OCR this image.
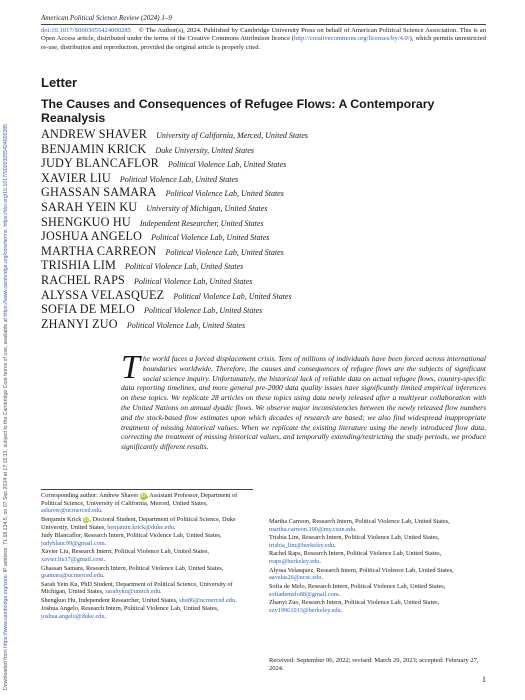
Downloaded from https://www.cambridge.org/core. IP address: 71.68.134.5, on 07 Sep 2024 at 17:15:13, subject to the Cambridge Core terms of use, available at https://www.cambridge.org/core/terms. https://doi.org/10.1017/S0003055424000285
American Political Science Review (2024) 1–9
doi:10.1017/S0003055424000285 © The Author(s), 2024. Published by Cambridge University Press on behalf of American Political Science Association. This is an Open Access article, distributed under the terms of the Creative Commons Attribution licence (http://creativecommons.org/licenses/by/4.0/), which permits unrestricted re-use, distribution and reproduction, provided the original article is properly cited.
Letter
The Causes and Consequences of Refugee Flows: A Contemporary Reanalysis
ANDREW SHAVER University of California, Merced, United States
BENJAMIN KRICK Duke University, United States
JUDY BLANCAFLOR Political Violence Lab, United States
XAVIER LIU Political Violence Lab, United States
GHASSAN SAMARA Political Violence Lab, United States
SARAH YEIN KU University of Michigan, United States
SHENGKUO HU Independent Researcher, United States
JOSHUA ANGELO Political Violence Lab, United States
MARTHA CARREON Political Violence Lab, United States
TRISHIA LIM Political Violence Lab, United States
RACHEL RAPS Political Violence Lab, United States
ALYSSA VELASQUEZ Political Violence Lab, United States
SOFIA DE MELO Political Violence Lab, United States
ZHANYI ZUO Political Violence Lab, United States
The world faces a forced displacement crisis. Tens of millions of individuals have been forced across international boundaries worldwide. Therefore, the causes and consequences of refugee flows are the subjects of significant social science inquiry. Unfortunately, the historical lack of reliable data on actual refugee flows, country-specific data reporting timelines, and more general pre-2000 data quality issues have significantly limited empirical inferences on these topics. We replicate 28 articles on these topics using data newly released after a multiyear collaboration with the United Nations on annual dyadic flows. We observe major inconsistencies between the newly released flow numbers and the stock-based flow estimates upon which decades of research are based; we also find widespread inappropriate treatment of missing historical values. When we replicate the existing literature using the newly introduced flow data, correcting the treatment of missing historical values, and temporally extending/restricting the study periods, we produce significantly different results.
Corresponding author: Andrew Shaver iD, Assistant Professor, Department of Political Science, University of California, Merced, United States, ashaver@ucmerced.edu.
Benjamin Krick iD, Doctoral Student, Department of Political Science, Duke University, United States, benjamin.krick@duke.edu.
Judy Blancaflor, Research Intern, Political Violence Lab, United States, judyblanc99@gmail.com.
Xavier Liu, Research Intern, Political Violence Lab, United States, xavier.liu17@gmail.com.
Ghassan Samara, Research Intern, Political Violence Lab, United States, gsamara@ucmerced.edu.
Sarah Yein Ku, PhD Student, Department of Political Science, University of Michigan, United States, sarahyku@umich.edu.
Shengkuo Hu, Independent Researcher, United States, shu86@ucmerced.edu.
Joshua Angelo, Research Intern, Political Violence Lab, United States, joshua.angelo@duke.edu.
Martha Carreon, Research Intern, Political Violence Lab, United States, martha.carreon.100@my.csun.edu.
Trishia Lim, Research Intern, Political Violence Lab, United States, trishia_lim@berkeley.edu.
Rachel Raps, Research Intern, Political Violence Lab, United States, rraps@berkeley.edu.
Alyssa Velasquez, Research Intern, Political Violence Lab, United States, aavelas26@ucsc.edu.
Sofia de Melo, Research Intern, Political Violence Lab, United States, sofiademelo88@gmail.com.
Zhanyi Zuo, Research Intern, Political Violence Lab, United States, zzy19961013@berkeley.edu.
Received: September 06, 2022; revised: March 29, 2023; accepted: February 27, 2024.
1
